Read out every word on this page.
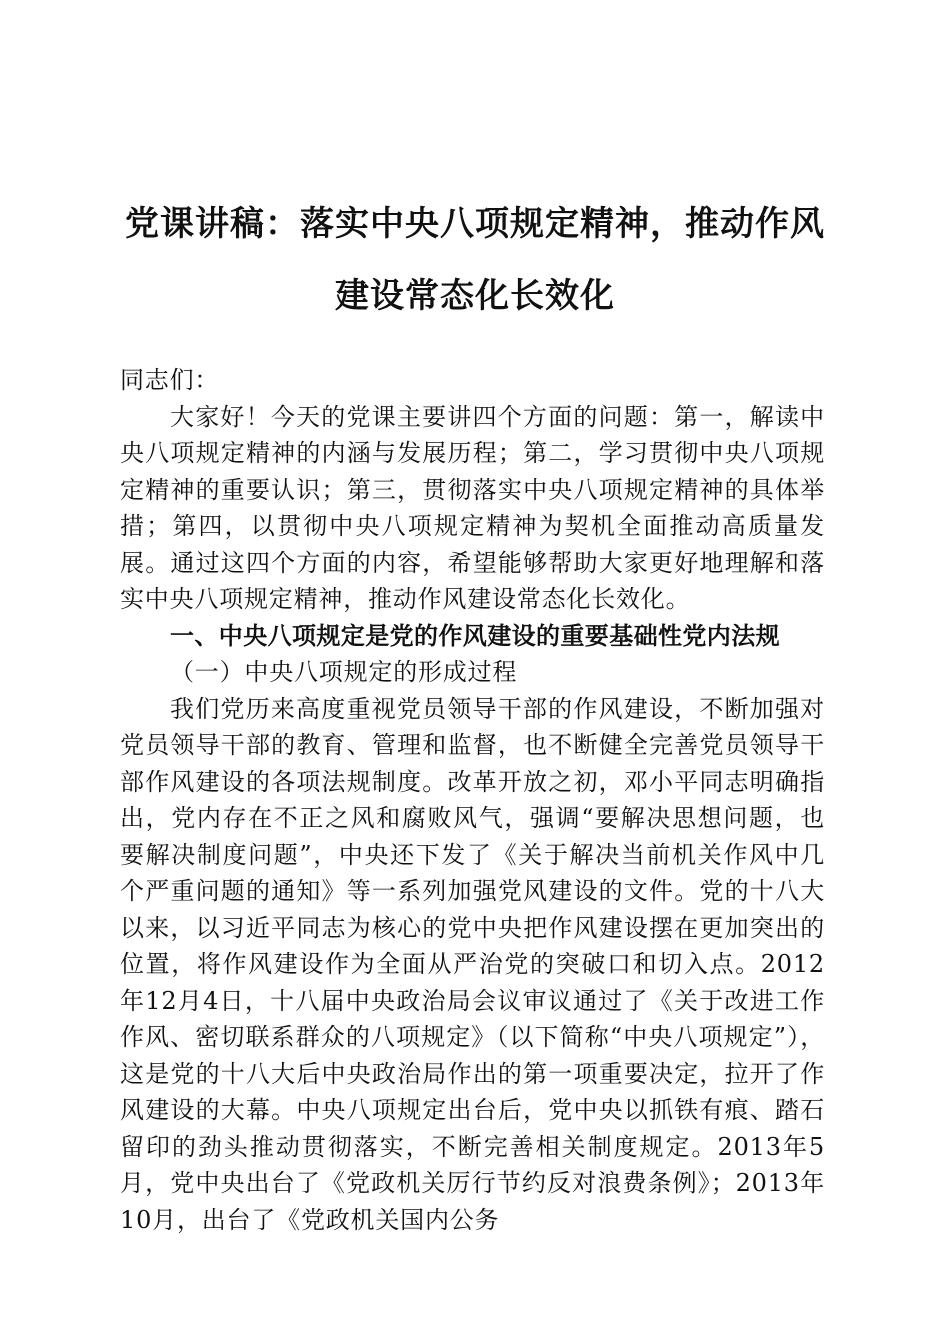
党课讲稿：落实中央八项规定精神，推动作风建设常态化长效化

同志们：

大家好！今天的党课主要讲四个方面的问题：第一，解读中央八项规定精神的内涵与发展历程；第二，学习贯彻中央八项规定精神的重要认识；第三，贯彻落实中央八项规定精神的具体举措；第四，以贯彻中央八项规定精神为契机全面推动高质量发展。通过这四个方面的内容，希望能够帮助大家更好地理解和落实中央八项规定精神，推动作风建设常态化长效化。

一、中央八项规定是党的作风建设的重要基础性党内法规

（一）中央八项规定的形成过程

我们党历来高度重视党员领导干部的作风建设，不断加强对党员领导干部的教育、管理和监督，也不断健全完善党员领导干部作风建设的各项法规制度。改革开放之初，邓小平同志明确指出，党内存在不正之风和腐败风气，强调“要解决思想问题，也要解决制度问题”，中央还下发了《关于解决当前机关作风中几个严重问题的通知》等一系列加强党风建设的文件。党的十八大以来，以习近平同志为核心的党中央把作风建设摆在更加突出的位置，将作风建设作为全面从严治党的突破口和切入点。2012年12月4日，十八届中央政治局会议审议通过了《关于改进工作作风、密切联系群众的八项规定》（以下简称“中央八项规定”），这是党的十八大后中央政治局作出的第一项重要决定，拉开了作风建设的大幕。中央八项规定出台后，党中央以抓铁有痕、踏石留印的劲头推动贯彻落实，不断完善相关制度规定。2013年5月，党中央出台了《党政机关厉行节约反对浪费条例》；2013年10月，出台了《党政机关国内公务
